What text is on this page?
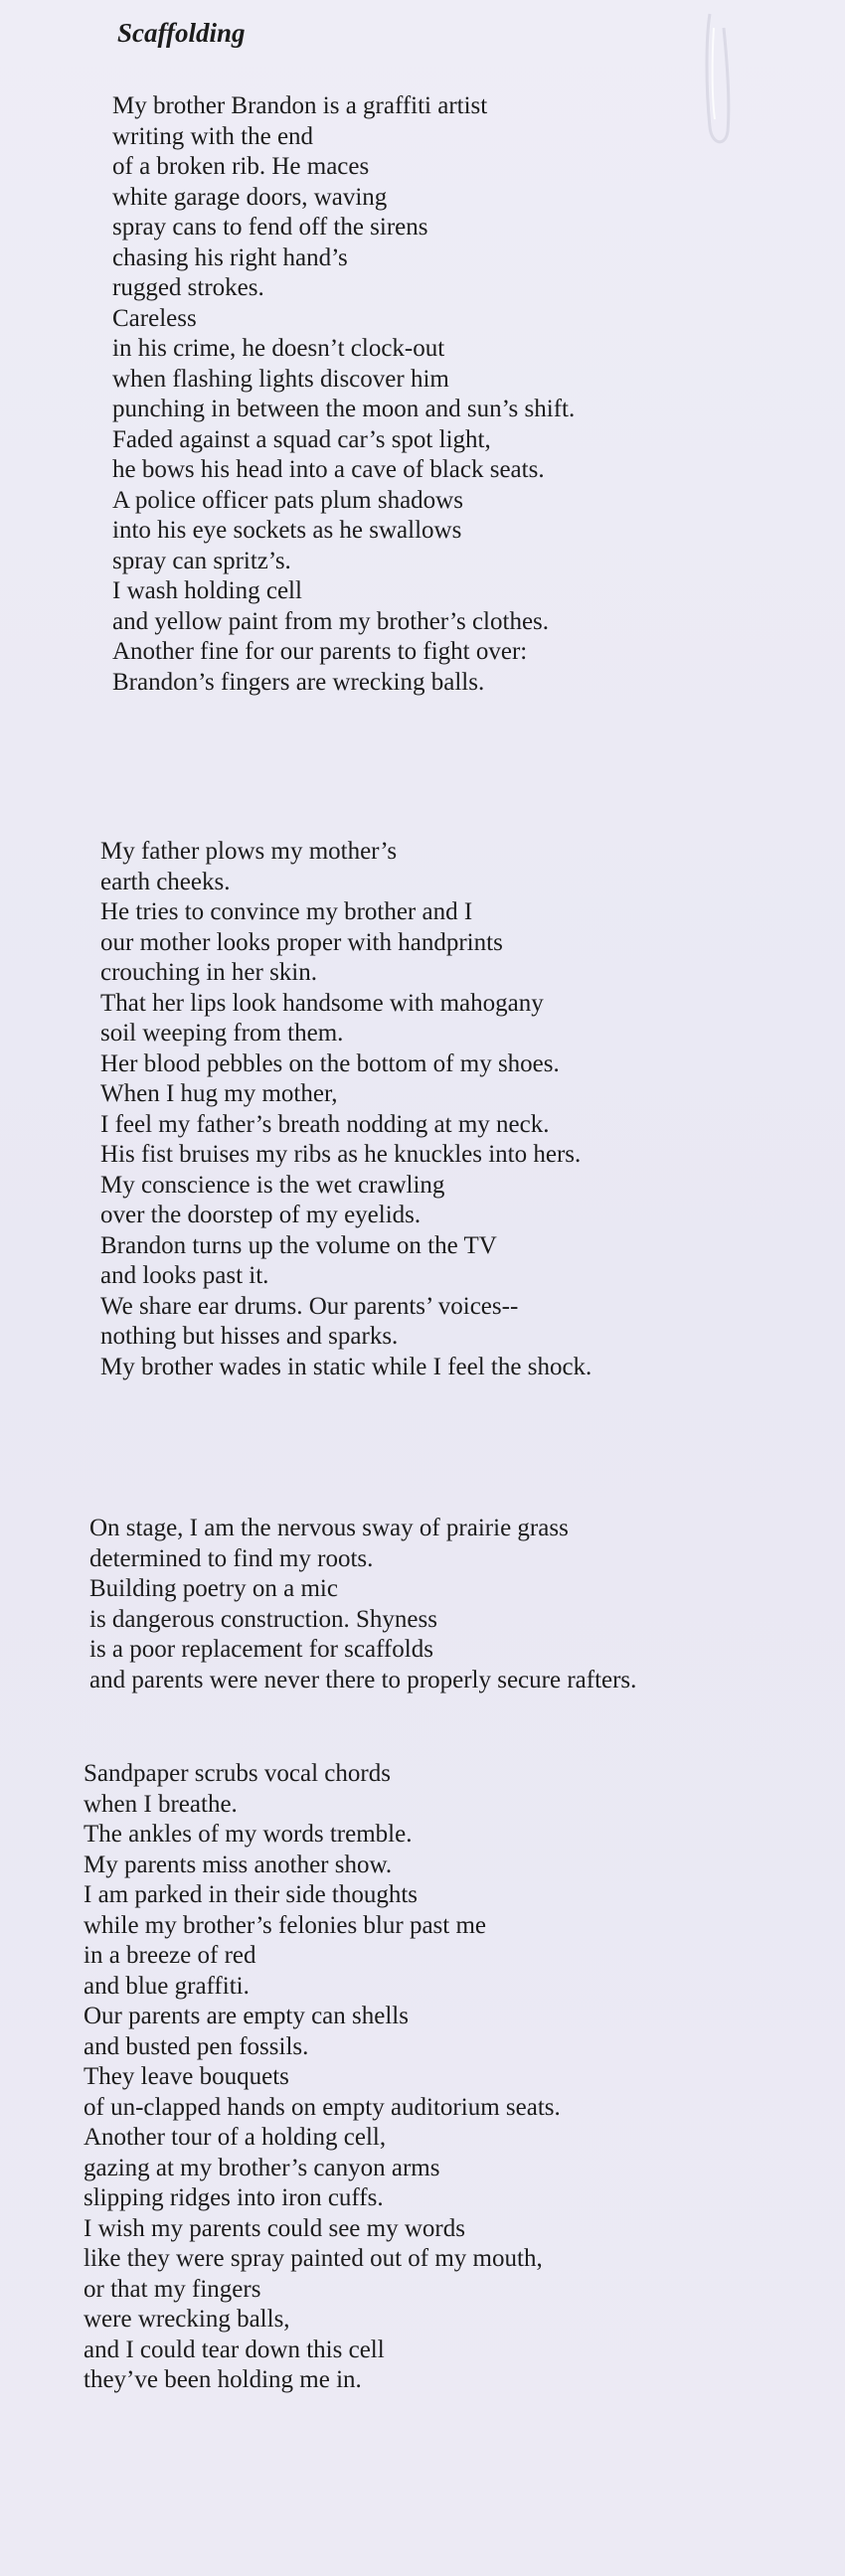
Scaffolding
My brother Brandon is a graffiti artist
writing with the end
of a broken rib. He maces
white garage doors, waving
spray cans to fend off the sirens
chasing his right hand’s
rugged strokes.
Careless
in his crime, he doesn’t clock-out
when flashing lights discover him
punching in between the moon and sun’s shift.
Faded against a squad car’s spot light,
he bows his head into a cave of black seats.
A police officer pats plum shadows
into his eye sockets as he swallows
spray can spritz’s.
I wash holding cell
and yellow paint from my brother’s clothes.
Another fine for our parents to fight over:
Brandon’s fingers are wrecking balls.
My father plows my mother’s
earth cheeks.
He tries to convince my brother and I
our mother looks proper with handprints
crouching in her skin.
That her lips look handsome with mahogany
soil weeping from them.
Her blood pebbles on the bottom of my shoes.
When I hug my mother,
I feel my father’s breath nodding at my neck.
His fist bruises my ribs as he knuckles into hers.
My conscience is the wet crawling
over the doorstep of my eyelids.
Brandon turns up the volume on the TV
and looks past it.
We share ear drums. Our parents’ voices--
nothing but hisses and sparks.
My brother wades in static while I feel the shock.
On stage, I am the nervous sway of prairie grass
determined to find my roots.
Building poetry on a mic
is dangerous construction. Shyness
is a poor replacement for scaffolds
and parents were never there to properly secure rafters.
Sandpaper scrubs vocal chords
when I breathe.
The ankles of my words tremble.
My parents miss another show.
I am parked in their side thoughts
while my brother’s felonies blur past me
in a breeze of red
and blue graffiti.
Our parents are empty can shells
and busted pen fossils.
They leave bouquets
of un-clapped hands on empty auditorium seats.
Another tour of a holding cell,
gazing at my brother’s canyon arms
slipping ridges into iron cuffs.
I wish my parents could see my words
like they were spray painted out of my mouth,
or that my fingers
were wrecking balls,
and I could tear down this cell
they’ve been holding me in.
